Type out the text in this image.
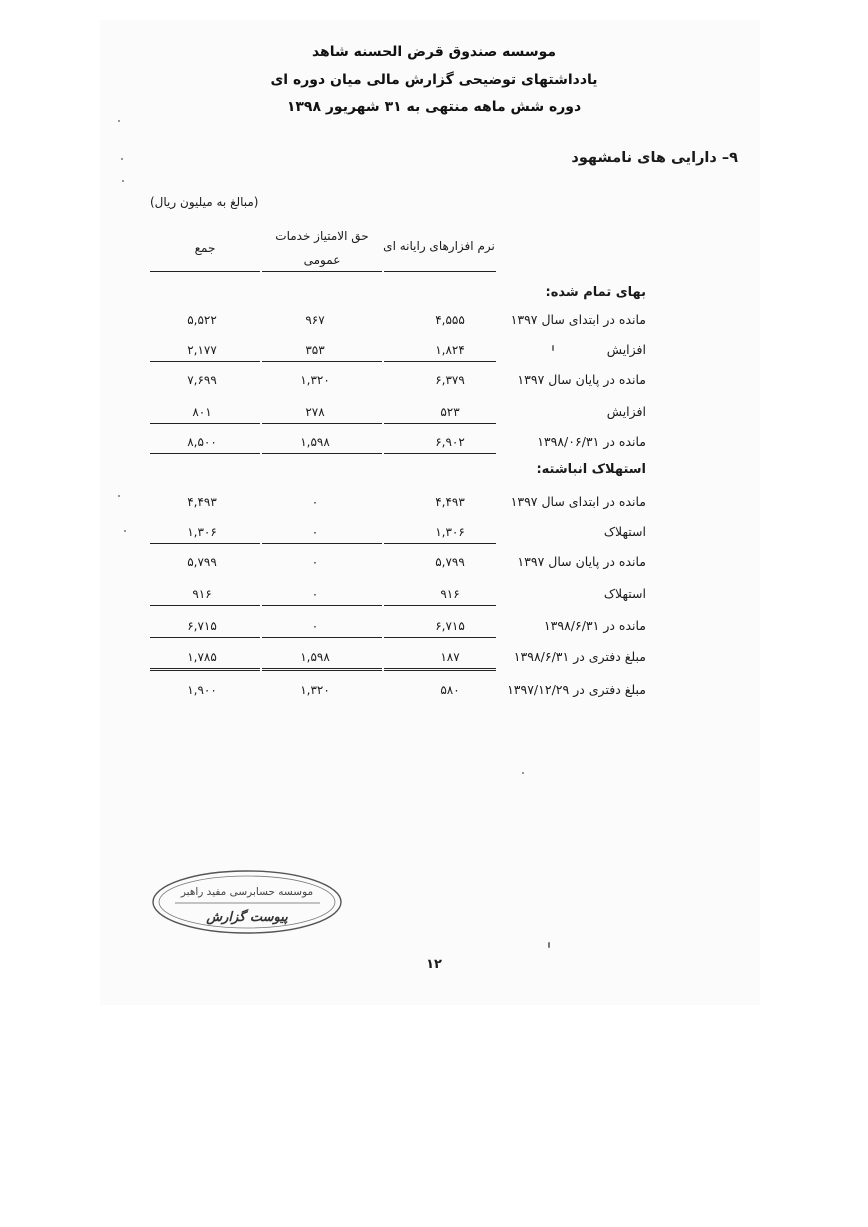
موسسه صندوق قرض الحسنه شاهد
یادداشتهای توضیحی گزارش مالی میان دوره ای
دوره شش ماهه منتهی به ۳۱ شهریور ۱۳۹۸
۹– دارایی های نامشهود
(مبالغ به میلیون ریال)
نرم افزارهای رایانه ای
حق الامتیاز خدمات
عمومی
جمع
بهای تمام شده:
مانده در ابتدای سال ۱۳۹۷
۴,۵۵۵
۹۶۷
۵,۵۲۲
افزایش
۱,۸۲۴
۳۵۳
۲,۱۷۷
مانده در پایان سال ۱۳۹۷
۶,۳۷۹
۱,۳۲۰
۷,۶۹۹
افزایش
۵۲۳
۲۷۸
۸۰۱
مانده در ۱۳۹۸/۰۶/۳۱
۶,۹۰۲
۱,۵۹۸
۸,۵۰۰
استهلاک انباشته:
مانده در ابتدای سال ۱۳۹۷
۴,۴۹۳
۰
۴,۴۹۳
استهلاک
۱,۳۰۶
۰
۱,۳۰۶
مانده در پایان سال ۱۳۹۷
۵,۷۹۹
۰
۵,۷۹۹
استهلاک
۹۱۶
۰
۹۱۶
مانده در ۱۳۹۸/۶/۳۱
۶,۷۱۵
۰
۶,۷۱۵
مبلغ دفتری در ۱۳۹۸/۶/۳۱
۱۸۷
۱,۵۹۸
۱,۷۸۵
مبلغ دفتری در ۱۳۹۷/۱۲/۲۹
۵۸۰
۱,۳۲۰
۱,۹۰۰
موسسه حسابرسی مفید راهبر
پیوست گزارش
۱۲
